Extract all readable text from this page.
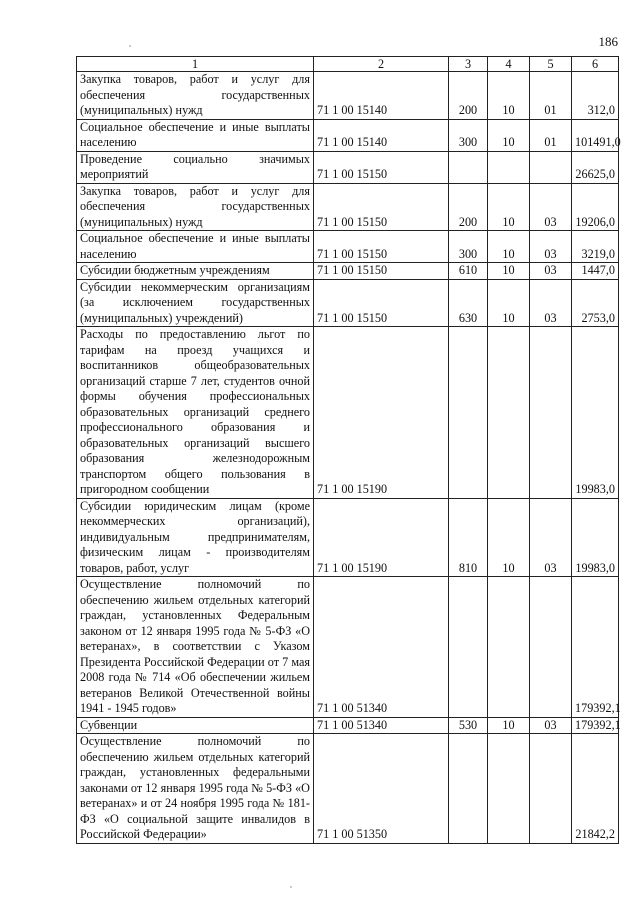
186
1	2	3	4	5	6
Закупка товаров, работ и услуг для обеспечения государственных (муниципальных) нужд	71 1 00 15140	200	10	01	312,0
Социальное обеспечение и иные выплаты населению	71 1 00 15140	300	10	01	101491,0
Проведение социально значимых мероприятий	71 1 00 15150				26625,0
Закупка товаров, работ и услуг для обеспечения государственных (муниципальных) нужд	71 1 00 15150	200	10	03	19206,0
Социальное обеспечение и иные выплаты населению	71 1 00 15150	300	10	03	3219,0
Субсидии бюджетным учреждениям	71 1 00 15150	610	10	03	1447,0
Субсидии некоммерческим организациям (за исключением государственных (муниципальных) учреждений)	71 1 00 15150	630	10	03	2753,0
Расходы по предоставлению льгот по тарифам на проезд учащихся и воспитанников общеобразовательных организаций старше 7 лет, студентов очной формы обучения профессиональных образовательных организаций среднего профессионального образования и образовательных организаций высшего образования железнодорожным транспортом общего пользования в пригородном сообщении	71 1 00 15190				19983,0
Субсидии юридическим лицам (кроме некоммерческих организаций), индивидуальным предпринимателям, физическим лицам - производителям товаров, работ, услуг	71 1 00 15190	810	10	03	19983,0
Осуществление полномочий по обеспечению жильем отдельных категорий граждан, установленных Федеральным законом от 12 января 1995 года № 5-ФЗ «О ветеранах», в соответствии с Указом Президента Российской Федерации от 7 мая 2008 года № 714 «Об обеспечении жильем ветеранов Великой Отечественной войны 1941 - 1945 годов»	71 1 00 51340				179392,1
Субвенции	71 1 00 51340	530	10	03	179392,1
Осуществление полномочий по обеспечению жильем отдельных категорий граждан, установленных федеральными законами от 12 января 1995 года № 5-ФЗ «О ветеранах» и от 24 ноября 1995 года № 181-ФЗ «О социальной защите инвалидов в Российской Федерации»	71 1 00 51350				21842,2
